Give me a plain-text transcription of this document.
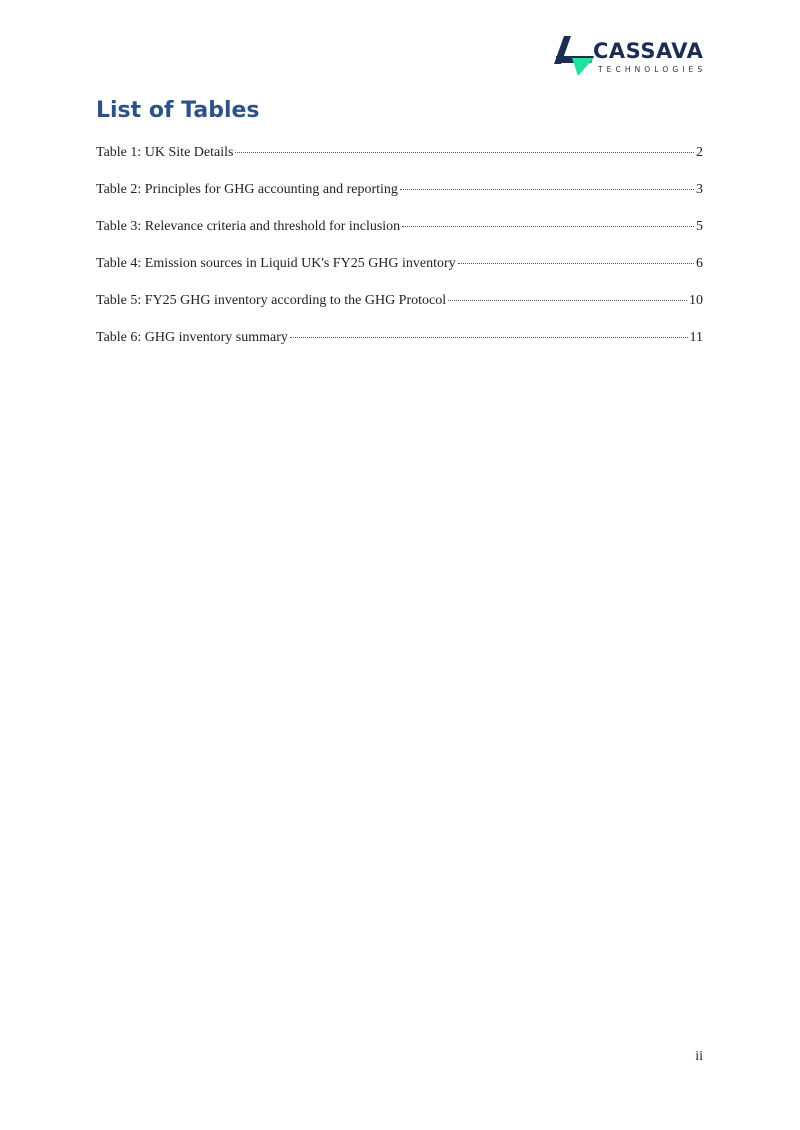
CASSAVA
TECHNOLOGIES
List of Tables
Table 1: UK Site Details	2
Table 2: Principles for GHG accounting and reporting	3
Table 3: Relevance criteria and threshold for inclusion	5
Table 4: Emission sources in Liquid UK's FY25 GHG inventory	6
Table 5: FY25 GHG inventory according to the GHG Protocol	10
Table 6: GHG inventory summary	11
ii
